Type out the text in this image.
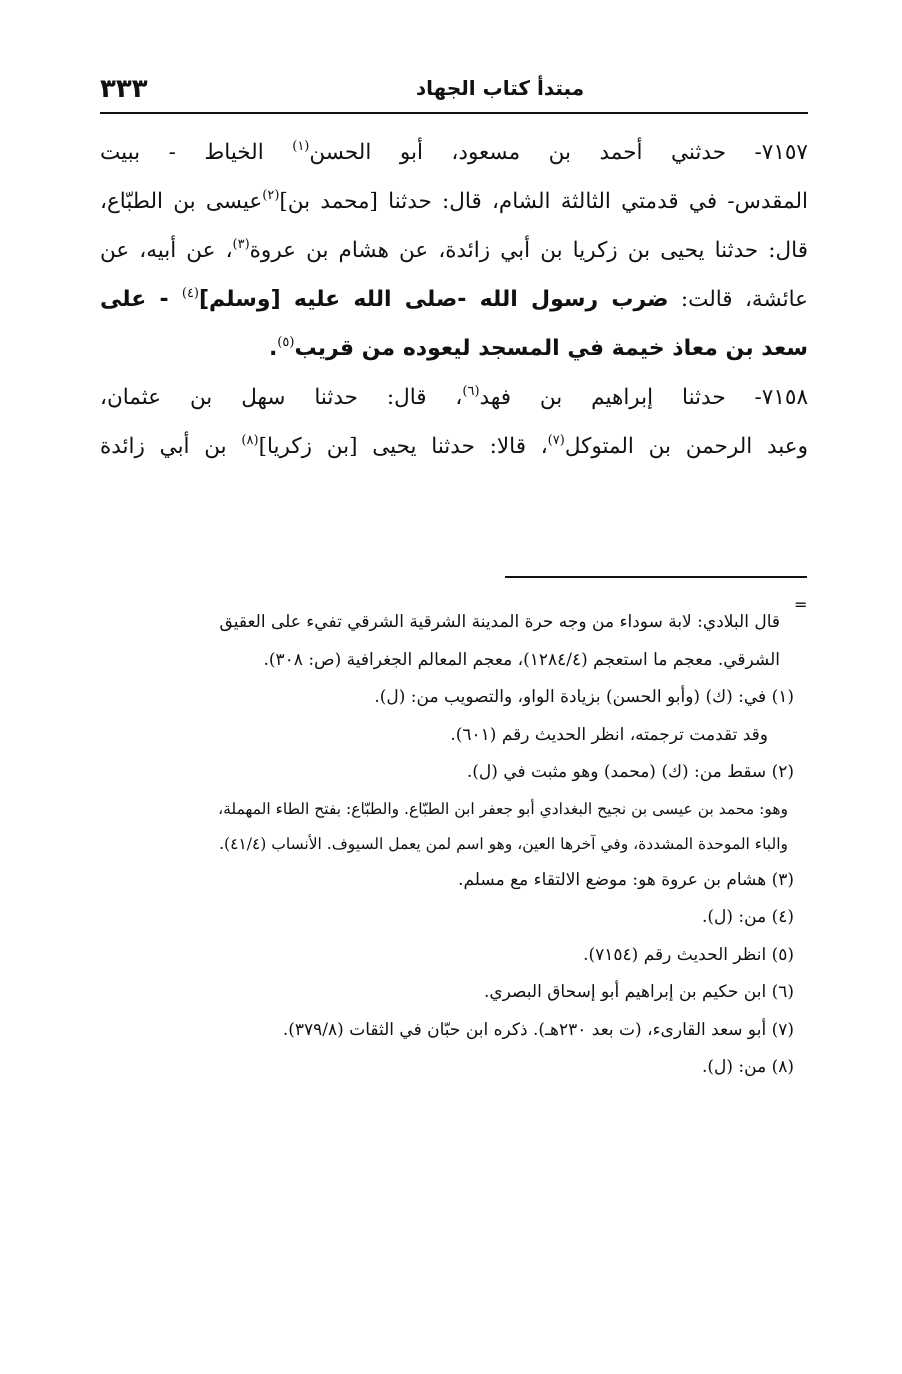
٣٣٣	مبتدأ كتاب الجهاد
٧١٥٧- حدثني أحمد بن مسعود، أبو الحسن$^{(١)}$ الخياط - ببيت
المقدس- في قدمتي الثالثة الشام، قال: حدثنا [محمد بن]$^{(٢)}$عيسى بن الطبّاع،
قال: حدثنا يحيى بن زكريا بن أبي زائدة، عن هشام بن عروة$^{(٣)}$، عن أبيه، عن
عائشة، قالت: ضرب رسول الله -صلى الله عليه [وسلم]$^{(٤)}$ - على
سعد بن معاذ خيمة في المسجد ليعوده من قريب$^{(٥)}$.
٧١٥٨- حدثنا إبراهيم بن فهد$^{(٦)}$، قال: حدثنا سهل بن عثمان،
وعبد الرحمن بن المتوكل$^{(٧)}$، قالا: حدثنا يحيى [بن زكريا]$^{(٨)}$ بن أبي زائدة
=

قال البلادي: لابة سوداء من وجه حرة المدينة الشرقية الشرقي تفيء على العقيق

الشرقي. معجم ما استعجم (١٢٨٤/٤)، معجم المعالم الجغرافية (ص: ٣٠٨).

(١) في: (ك) (وأبو الحسن) بزيادة الواو، والتصويب من: (ل).

وقد تقدمت ترجمته، انظر الحديث رقم (٦٠١).

(٢) سقط من: (ك) (محمد) وهو مثبت في (ل).

وهو: محمد بن عيسى بن نجيح البغدادي أبو جعفر ابن الطبّاع. والطبّاع: بفتح الطاء المهملة،

والباء الموحدة المشددة، وفي آخرها العين، وهو اسم لمن يعمل السيوف. الأنساب (٤١/٤).

(٣) هشام بن عروة هو: موضع الالتقاء مع مسلم.

(٤) من: (ل).

(٥) انظر الحديث رقم (٧١٥٤).

(٦) ابن حكيم بن إبراهيم أبو إسحاق البصري.

(٧) أبو سعد القارىء، (ت بعد ٢٣٠هـ). ذكره ابن حبّان في الثقات (٣٧٩/٨).

(٨) من: (ل).
